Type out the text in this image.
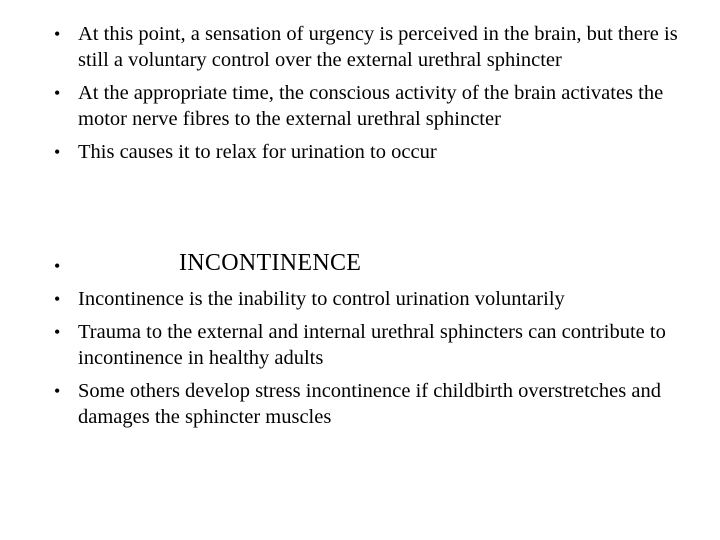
• At this point, a sensation of urgency is perceived in the brain, but there is still a voluntary control over the external urethral sphincter
• At the appropriate time, the conscious activity of the brain activates the motor nerve fibres to the external urethral sphincter
• This causes it to relax for urination to occur
•	INCONTINENCE
• Incontinence is the inability to control urination voluntarily
• Trauma to the external and internal urethral sphincters can contribute to incontinence in healthy adults
• Some others develop stress incontinence if childbirth overstretches and damages the sphincter muscles
